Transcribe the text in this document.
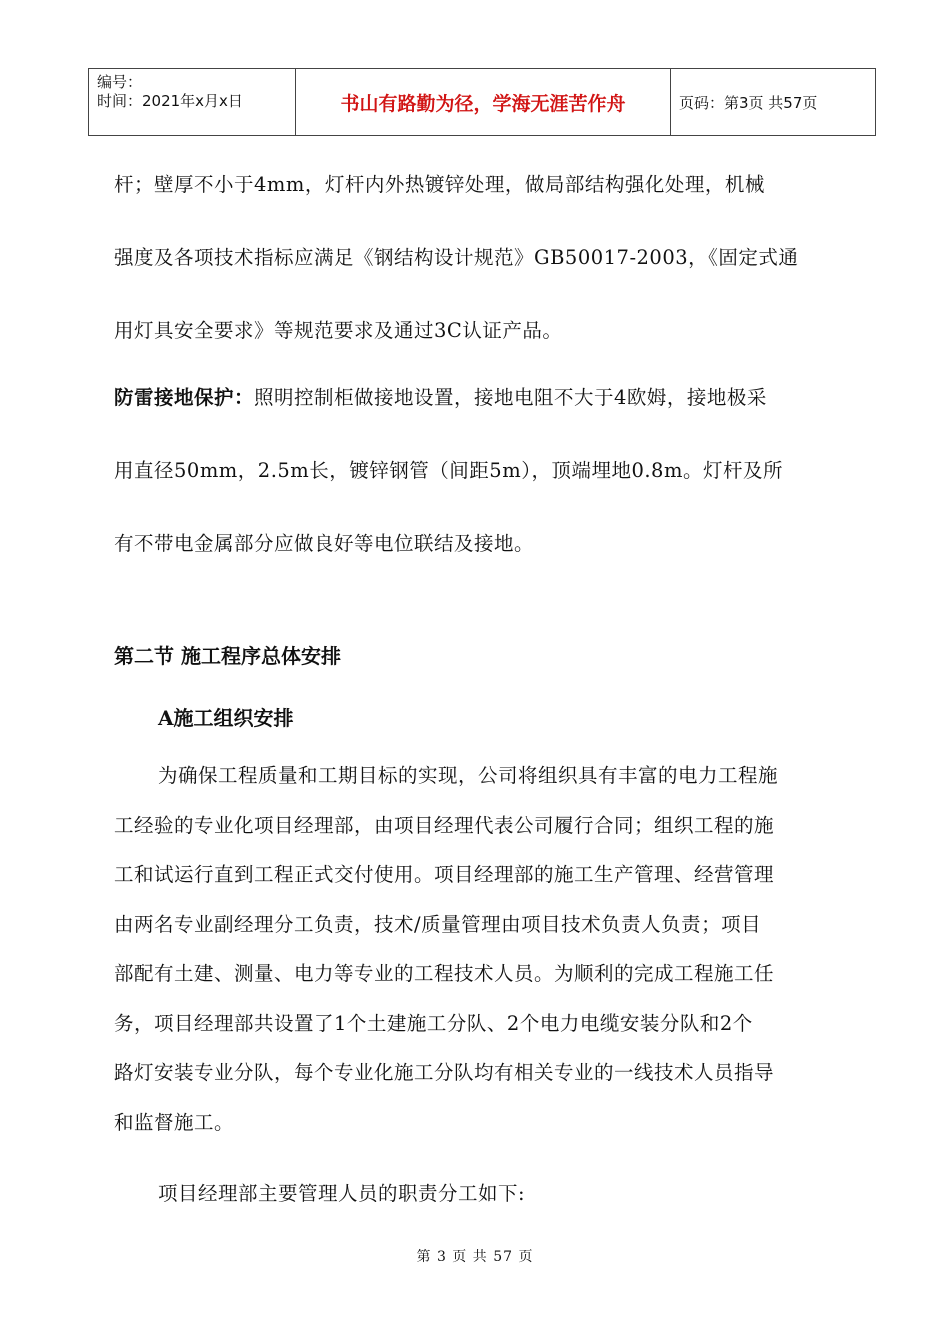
编号：
时间：2021年x月x日	书山有路勤为径，学海无涯苦作舟	页码：第3页 共57页
杆；壁厚不小于4mm，灯杆内外热镀锌处理，做局部结构强化处理，机械
强度及各项技术指标应满足《钢结构设计规范》GB50017-2003，《固定式通
用灯具安全要求》等规范要求及通过3C认证产品。
防雷接地保护：照明控制柜做接地设置，接地电阻不大于4欧姆，接地极采
用直径50mm，2.5m长，镀锌钢管（间距5m），顶端埋地0.8m。灯杆及所
有不带电金属部分应做良好等电位联结及接地。
第二节 施工程序总体安排
A施工组织安排
为确保工程质量和工期目标的实现，公司将组织具有丰富的电力工程施
工经验的专业化项目经理部，由项目经理代表公司履行合同；组织工程的施
工和试运行直到工程正式交付使用。项目经理部的施工生产管理、经营管理
由两名专业副经理分工负责，技术/质量管理由项目技术负责人负责；项目
部配有土建、测量、电力等专业的工程技术人员。为顺利的完成工程施工任
务，项目经理部共设置了1个土建施工分队、2个电力电缆安装分队和2个
路灯安装专业分队，每个专业化施工分队均有相关专业的一线技术人员指导
和监督施工。
项目经理部主要管理人员的职责分工如下:
第 3 页 共 57 页
